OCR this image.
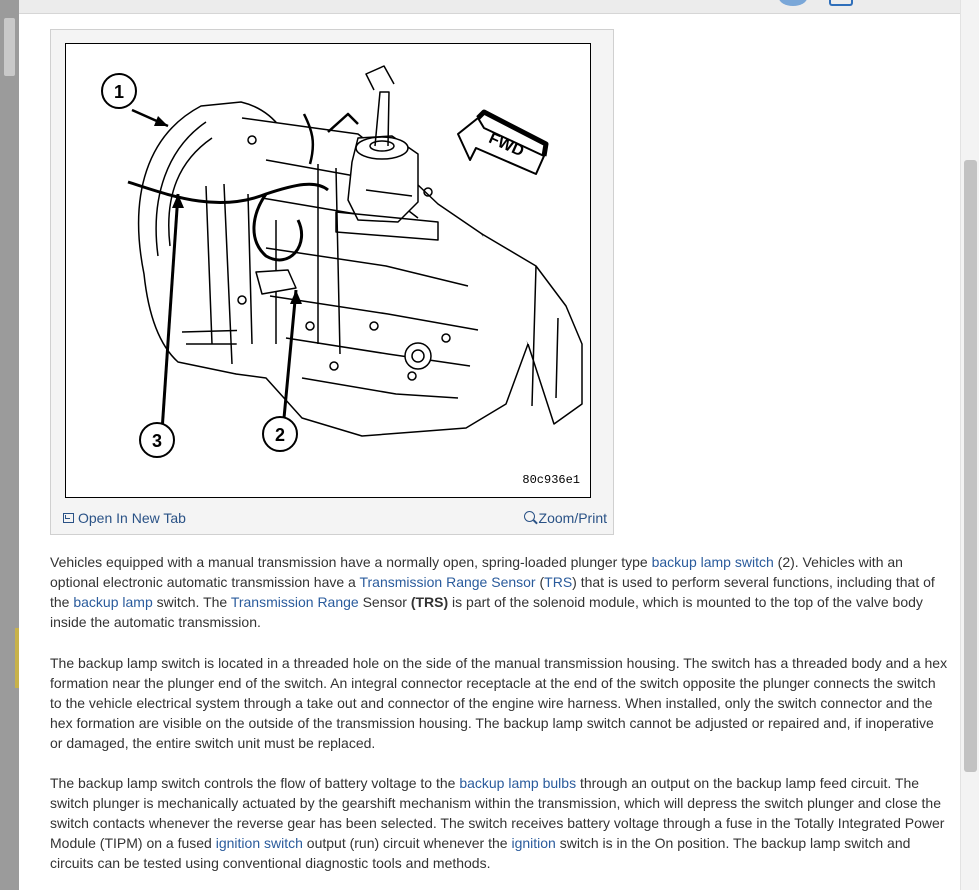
FWD
1
2
3
80c936e1
Open In New Tab	Zoom/Print

Vehicles equipped with a manual transmission have a normally open, spring-loaded plunger type backup lamp switch (2). Vehicles with an optional electronic automatic transmission have a Transmission Range Sensor (TRS) that is used to perform several functions, including that of the backup lamp switch. The Transmission Range Sensor (TRS) is part of the solenoid module, which is mounted to the top of the valve body inside the automatic transmission.

The backup lamp switch is located in a threaded hole on the side of the manual transmission housing. The switch has a threaded body and a hex formation near the plunger end of the switch. An integral connector receptacle at the end of the switch opposite the plunger connects the switch to the vehicle electrical system through a take out and connector of the engine wire harness. When installed, only the switch connector and the hex formation are visible on the outside of the transmission housing. The backup lamp switch cannot be adjusted or repaired and, if inoperative or damaged, the entire switch unit must be replaced.

The backup lamp switch controls the flow of battery voltage to the backup lamp bulbs through an output on the backup lamp feed circuit. The switch plunger is mechanically actuated by the gearshift mechanism within the transmission, which will depress the switch plunger and close the switch contacts whenever the reverse gear has been selected. The switch receives battery voltage through a fuse in the Totally Integrated Power Module (TIPM) on a fused ignition switch output (run) circuit whenever the ignition switch is in the On position. The backup lamp switch and circuits can be tested using conventional diagnostic tools and methods.
